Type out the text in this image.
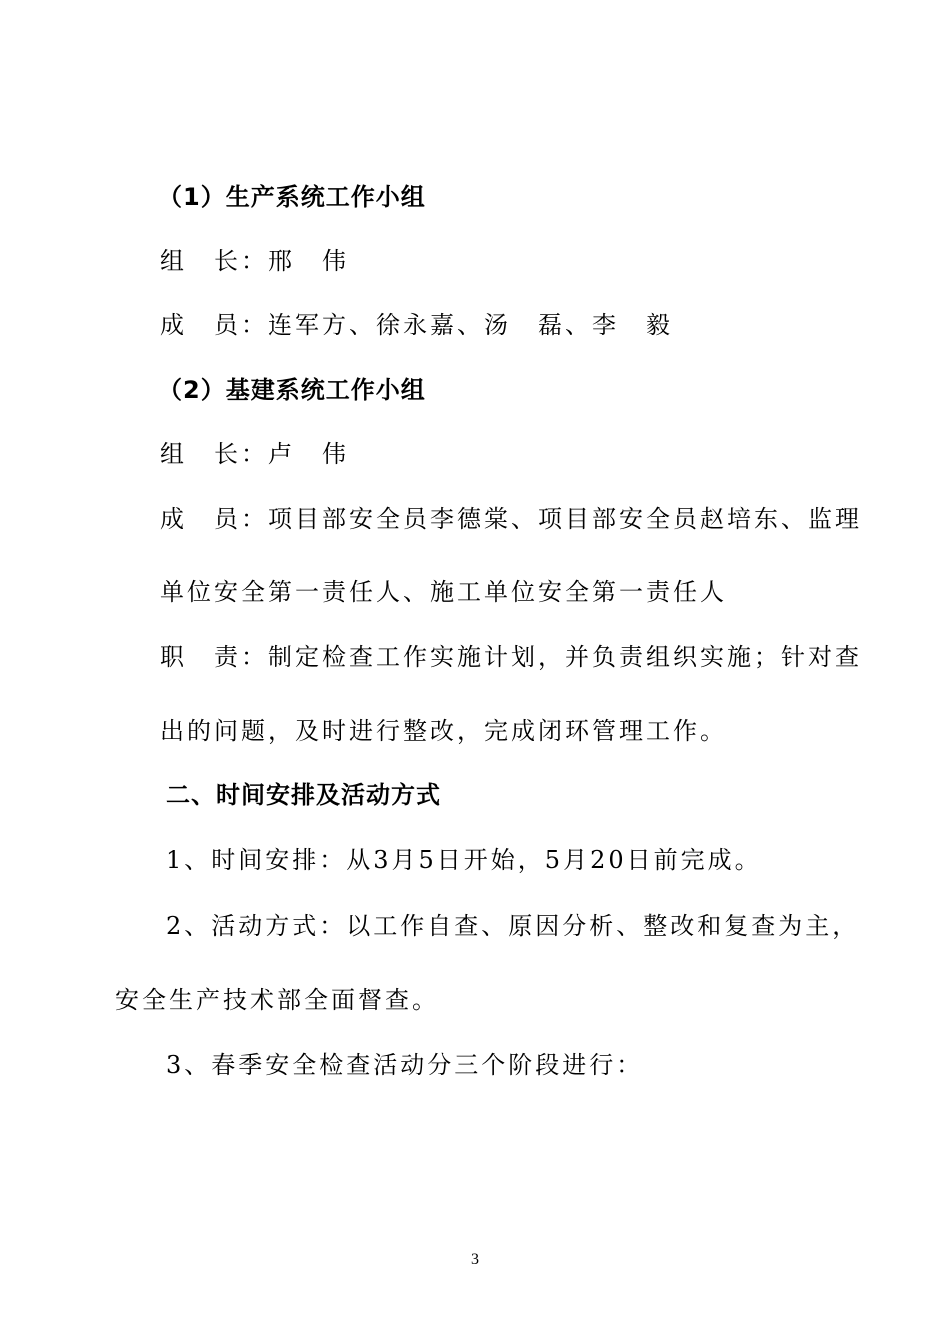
（1）生产系统工作小组
组　长：邢　伟
成　员：连军方、徐永嘉、汤　磊、李　毅
（2）基建系统工作小组
组　长：卢　伟
成　员：项目部安全员李德棠、项目部安全员赵培东、监理
单位安全第一责任人、施工单位安全第一责任人
职　责：制定检查工作实施计划，并负责组织实施；针对查
出的问题，及时进行整改，完成闭环管理工作。
二、时间安排及活动方式
1、时间安排：从3月5日开始，5月20日前完成。
2、活动方式：以工作自查、原因分析、整改和复查为主，
安全生产技术部全面督查。
3、春季安全检查活动分三个阶段进行：
3
